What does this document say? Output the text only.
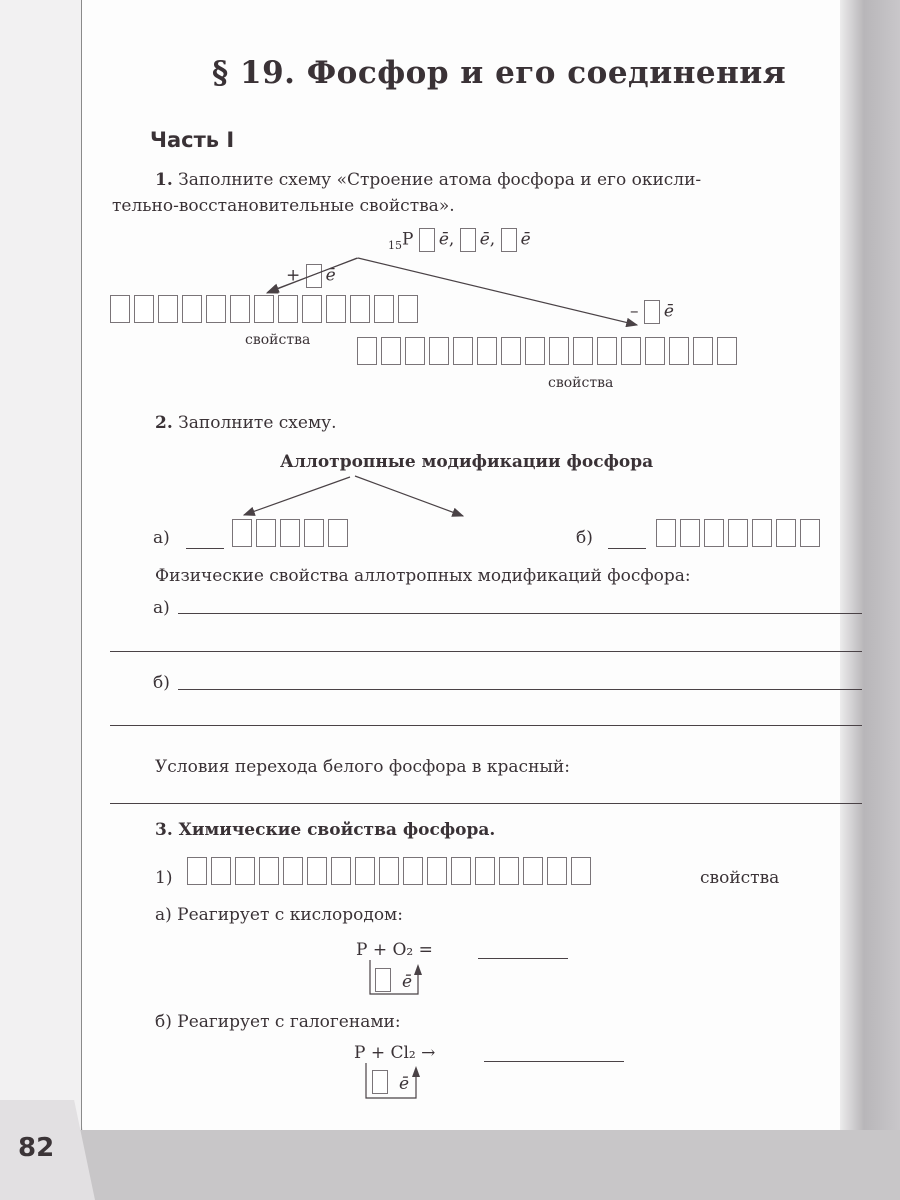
82
§ 19. Фосфор и его соединения
Часть I
1. Заполните схему «Строение атома фосфора и его окисли-
тельно-восстановительные свойства».
$_{15}$P ē, ē, ē
+ ē
– ē
свойства
свойства
2. Заполните схему.
Аллотропные модификации фосфора
а)	б)
Физические свойства аллотропных модификаций фосфора:
а)
б)
Условия перехода белого фосфора в красный:
3. Химические свойства фосфора.
1)	свойства
а) Реагирует с кислородом:
P + O₂ =
ē
б) Реагирует с галогенами:
P + Cl₂ →
ē
